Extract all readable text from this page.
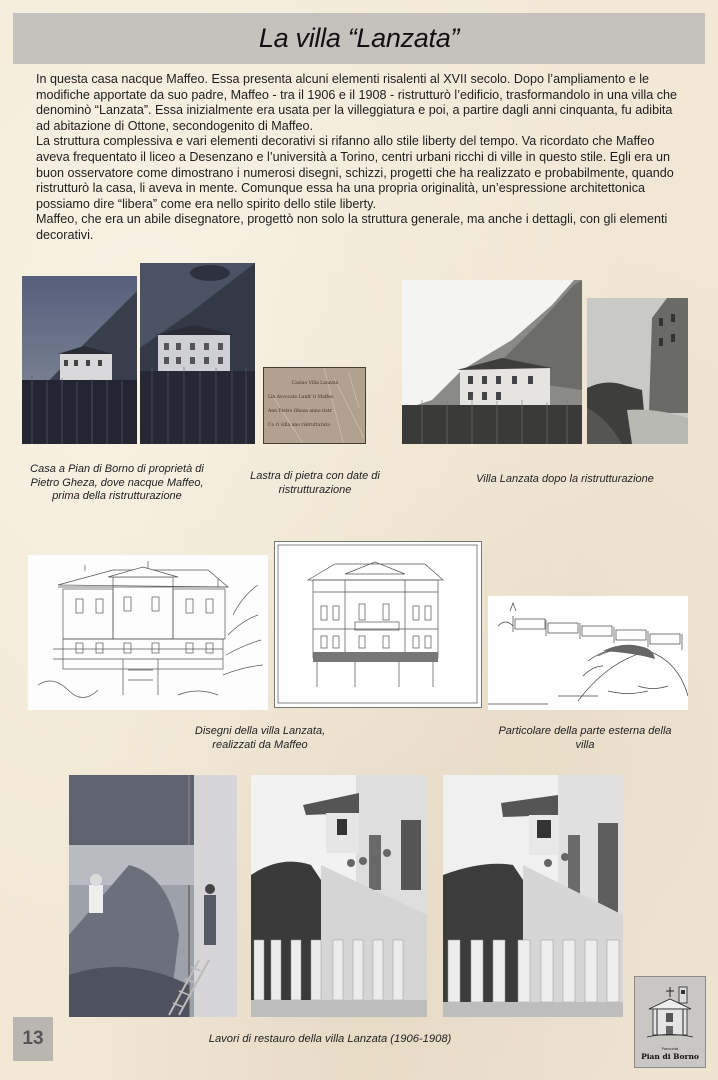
La villa “Lanzata”

In questa casa nacque Maffeo. Essa presenta alcuni elementi risalenti al XVII secolo. Dopo l’ampliamento e le modifiche apportate da suo padre, Maffeo - tra il 1906 e il 1908 - ristrutturò l’edificio, trasformandolo in una villa che denominò “Lanzata”. Essa inizialmente era usata per la villeggiatura e poi, a partire dagli anni cinquanta, fu adibita ad abitazione di Ottone, secondogenito di Maffeo.

La struttura complessiva e vari elementi decorativi si rifanno allo stile liberty del tempo. Va ricordato che Maffeo aveva frequentato il liceo a Desenzano e l’università a Torino, centri urbani ricchi di ville in questo stile. Egli era un buon osservatore come dimostrano i numerosi disegni, schizzi, progetti che ha realizzato e probabilmente, quando ristrutturò la casa, li aveva in mente. Comunque essa ha una propria originalità, un’espressione architettonica possiamo dire “libera” come era nello spirito dello stile liberty.

Maffeo, che era un abile disegnatore, progettò non solo la struttura generale, ma anche i dettagli, con gli elementi decorativi.

Casino Villa Lanzata
Lin Avvocato Lanfr ri Maffeo
Ann Pietro Gheza anno ristr
Co ri villa ano ristrutturata
Casa a Pian di Borno di proprietà di Pietro Gheza, dove nacque Maffeo, prima della ristrutturazione
Lastra di pietra con date di ristrutturazione
Villa Lanzata dopo la ristrutturazione
Disegni della villa Lanzata, realizzati da Maffeo
Particolare della parte esterna della villa
Lavori di restauro della villa Lanzata (1906-1908)
13	Parrocchia
Pian di Borno
